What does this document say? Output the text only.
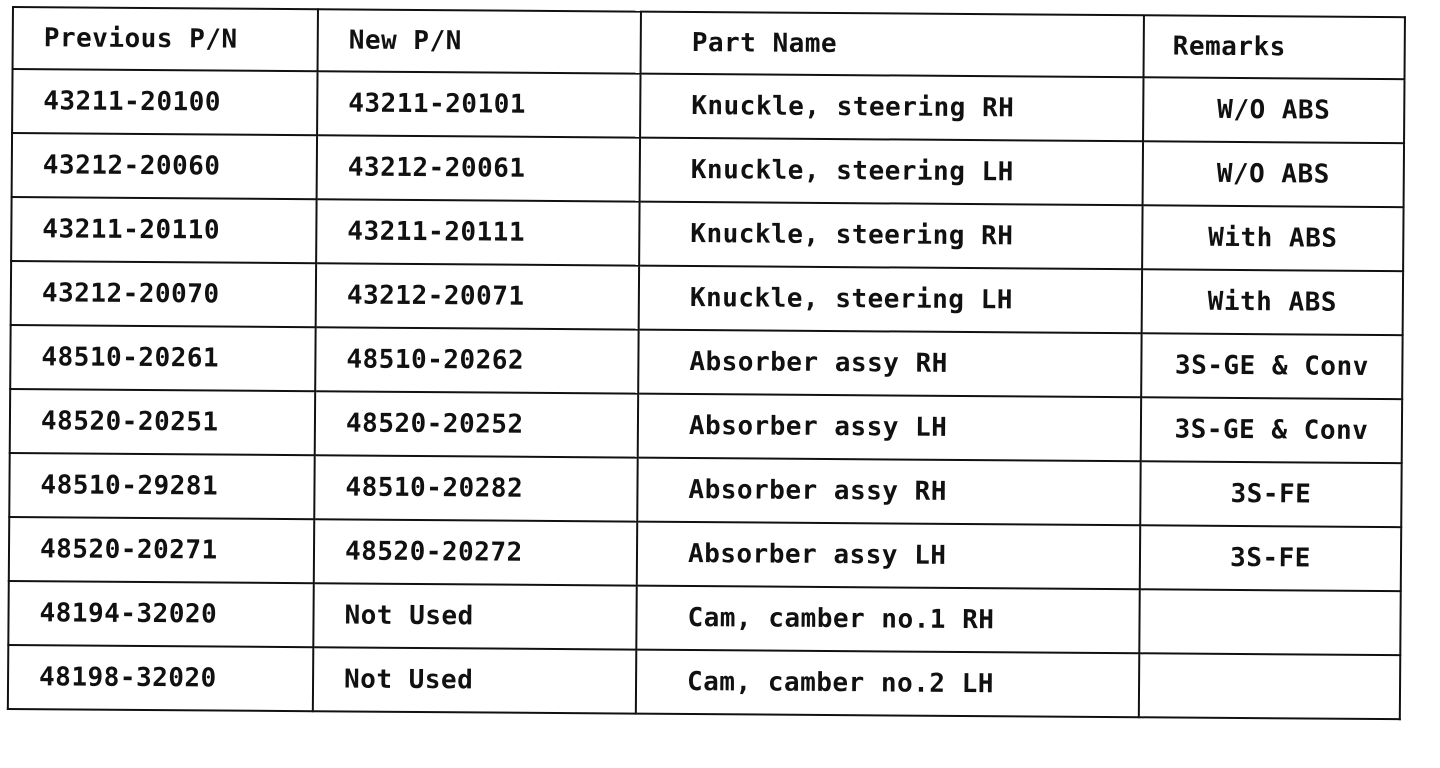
Previous P/N	New P/N	Part Name	Remarks
43211-20100	43211-20101	Knuckle, steering RH	W/O ABS
43212-20060	43212-20061	Knuckle, steering LH	W/O ABS
43211-20110	43211-20111	Knuckle, steering RH	With ABS
43212-20070	43212-20071	Knuckle, steering LH	With ABS
48510-20261	48510-20262	Absorber assy RH	3S-GE & Conv
48520-20251	48520-20252	Absorber assy LH	3S-GE & Conv
48510-29281	48510-20282	Absorber assy RH	3S-FE
48520-20271	48520-20272	Absorber assy LH	3S-FE
48194-32020	Not Used	Cam, camber no.1 RH	
48198-32020	Not Used	Cam, camber no.2 LH	
